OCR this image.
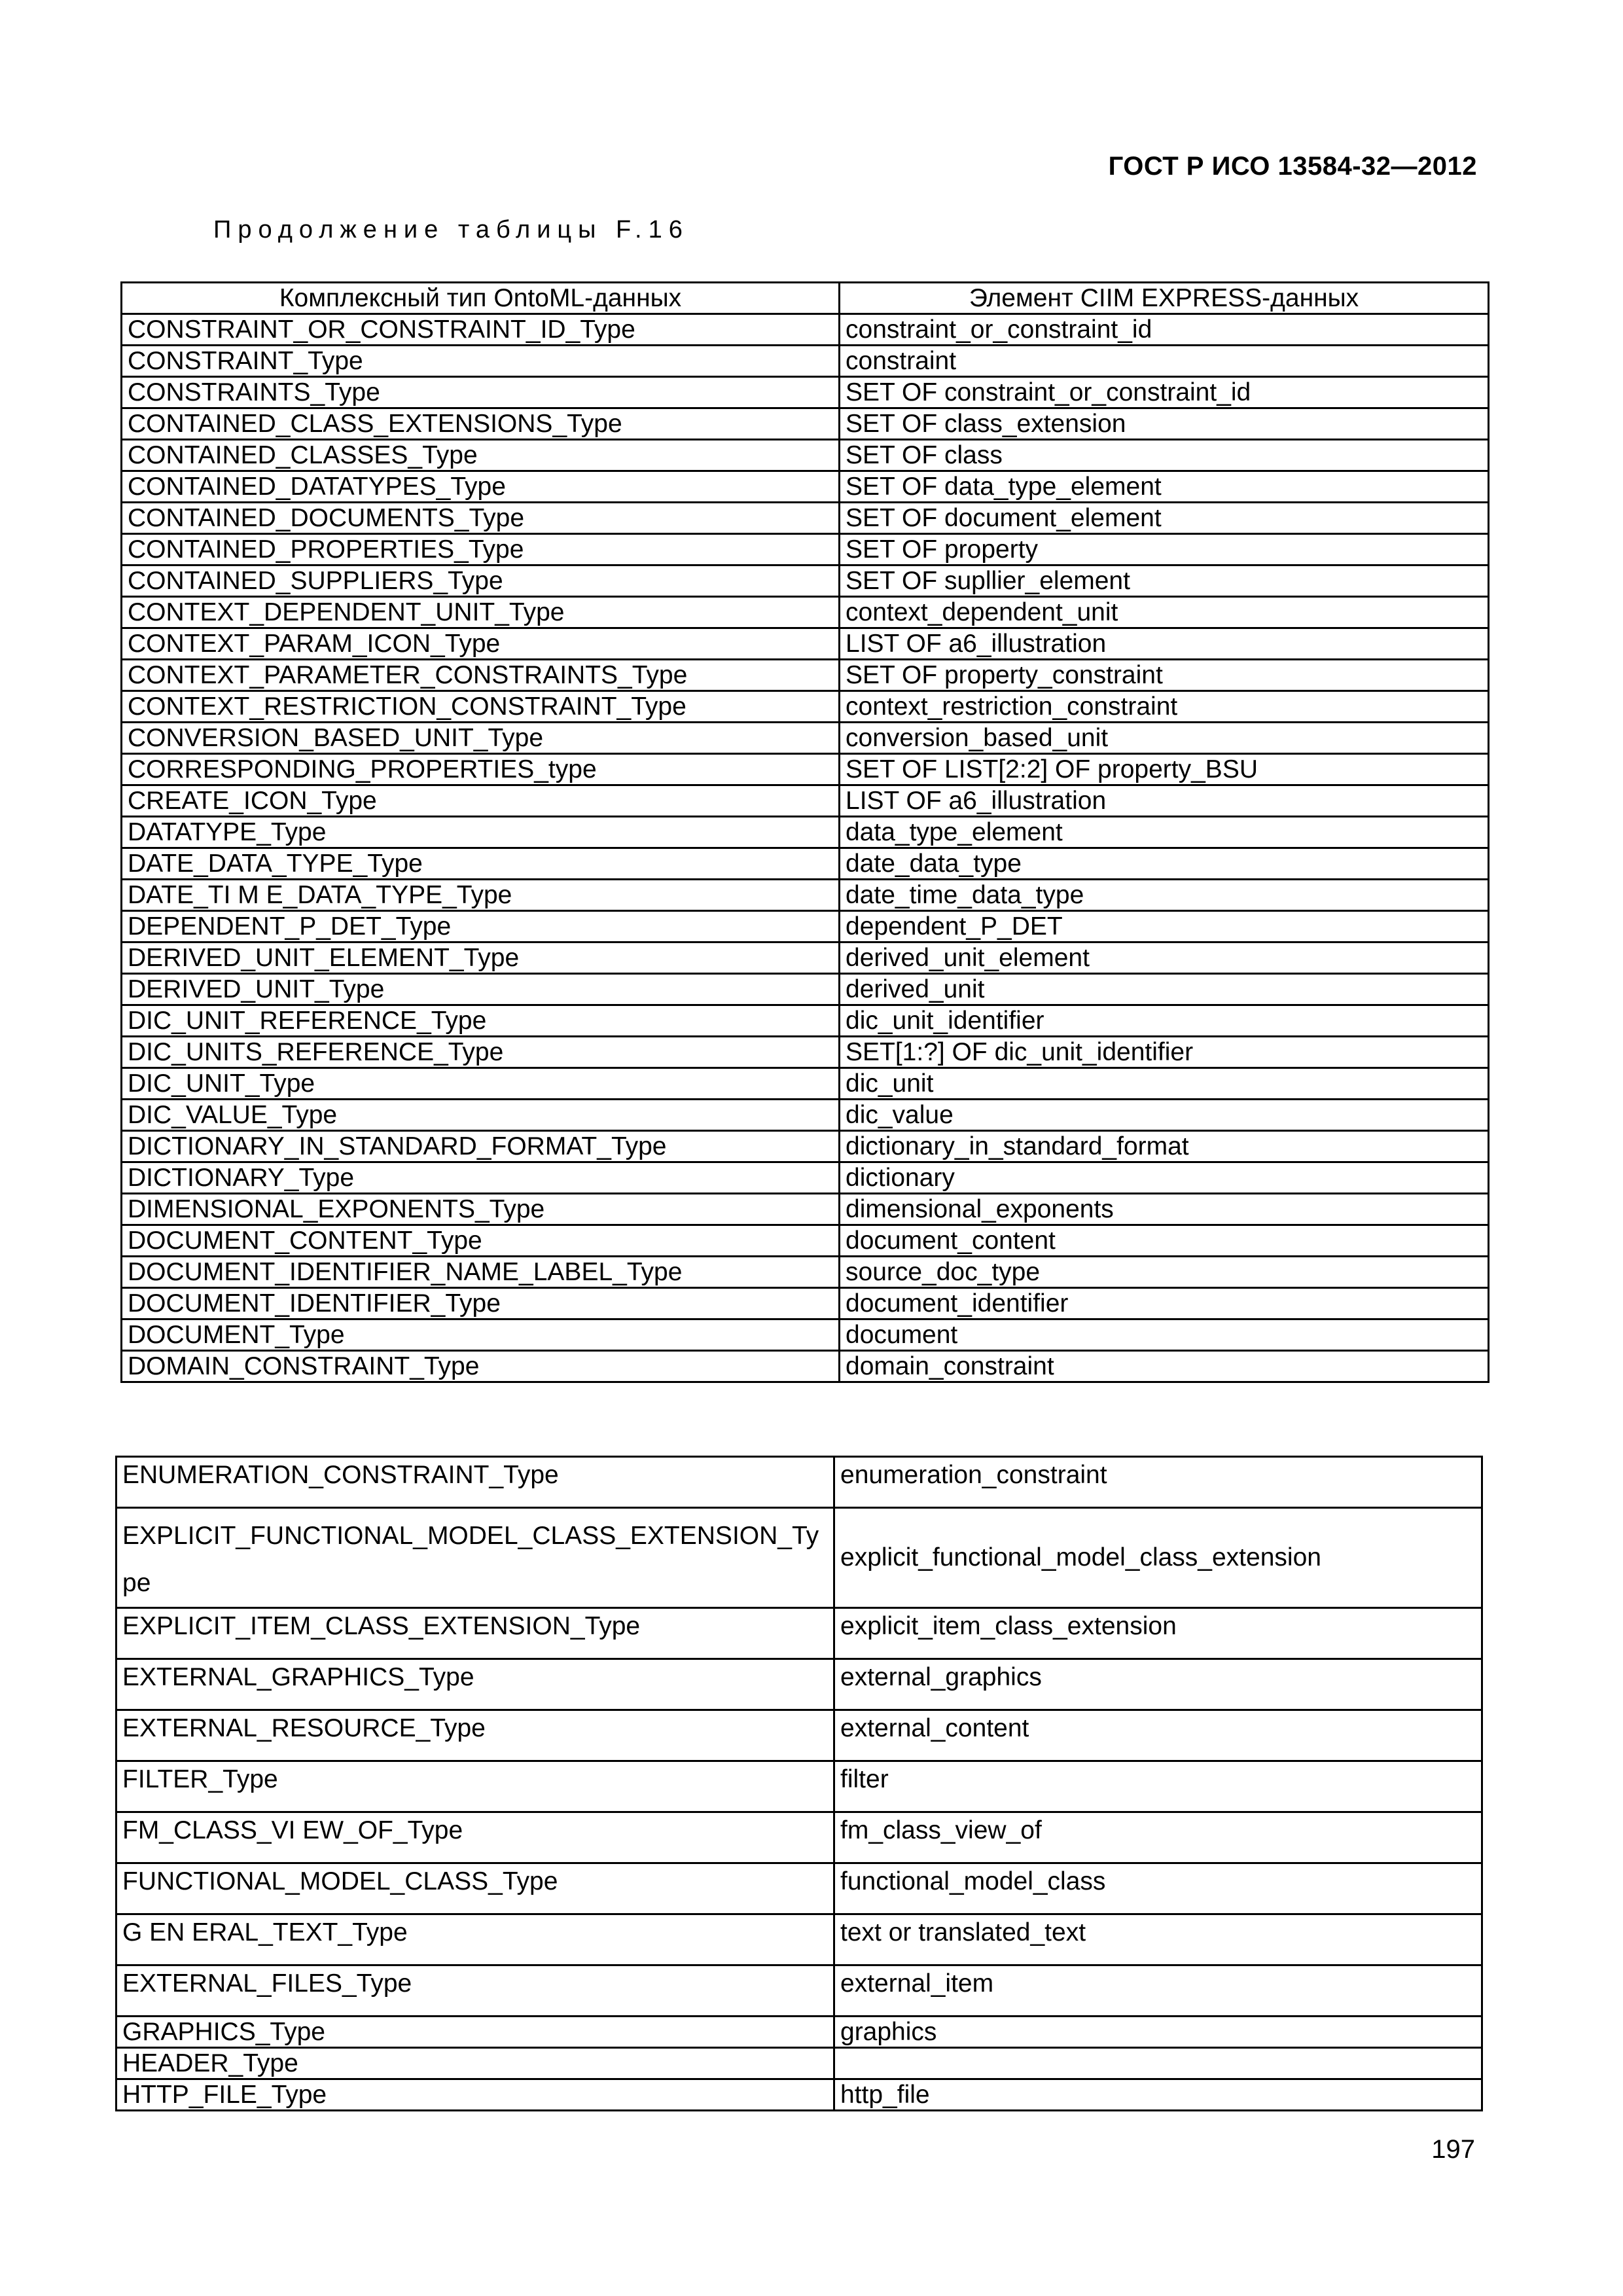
ГОСТ Р ИСО 13584-32—2012
Продолжение таблицы F.16
Комплексный тип OntoML-данных	Элемент CIIM EXPRESS-данных
CONSTRAINT_OR_CONSTRAINT_ID_Type	constraint_or_constraint_id
CONSTRAINT_Type	constraint
CONSTRAINTS_Type	SET OF constraint_or_constraint_id
CONTAINED_CLASS_EXTENSIONS_Type	SET OF class_extension
CONTAINED_CLASSES_Type	SET OF class
CONTAINED_DATATYPES_Type	SET OF data_type_element
CONTAINED_DOCUMENTS_Type	SET OF document_element
CONTAINED_PROPERTIES_Type	SET OF property
CONTAINED_SUPPLIERS_Type	SET OF supllier_element
CONTEXT_DEPENDENT_UNIT_Type	context_dependent_unit
CONTEXT_PARAM_ICON_Type	LIST OF a6_illustration
CONTEXT_PARAMETER_CONSTRAINTS_Type	SET OF property_constraint
CONTEXT_RESTRICTION_CONSTRAINT_Type	context_restriction_constraint
CONVERSION_BASED_UNIT_Type	conversion_based_unit
CORRESPONDING_PROPERTIES_type	SET OF LIST[2:2] OF property_BSU
CREATE_ICON_Type	LIST OF a6_illustration
DATATYPE_Type	data_type_element
DATE_DATA_TYPE_Type	date_data_type
DATE_TI M E_DATA_TYPE_Type	date_time_data_type
DEPENDENT_P_DET_Type	dependent_P_DET
DERIVED_UNIT_ELEMENT_Type	derived_unit_element
DERIVED_UNIT_Type	derived_unit
DIC_UNIT_REFERENCE_Type	dic_unit_identifier
DIC_UNITS_REFERENCE_Type	SET[1:?] OF dic_unit_identifier
DIC_UNIT_Type	dic_unit
DIC_VALUE_Type	dic_value
DICTIONARY_IN_STANDARD_FORMAT_Type	dictionary_in_standard_format
DICTIONARY_Type	dictionary
DIMENSIONAL_EXPONENTS_Type	dimensional_exponents
DOCUMENT_CONTENT_Type	document_content
DOCUMENT_IDENTIFIER_NAME_LABEL_Type	source_doc_type
DOCUMENT_IDENTIFIER_Type	document_identifier
DOCUMENT_Type	document
DOMAIN_CONSTRAINT_Type	domain_constraint
ENUMERATION_CONSTRAINT_Type	enumeration_constraint
EXPLICIT_FUNCTIONAL_MODEL_CLASS_EXTENSION_Type	explicit_functional_model_class_extension
EXPLICIT_ITEM_CLASS_EXTENSION_Type	explicit_item_class_extension
EXTERNAL_GRAPHICS_Type	external_graphics
EXTERNAL_RESOURCE_Type	external_content
FILTER_Type	filter
FM_CLASS_VI EW_OF_Type	fm_class_view_of
FUNCTIONAL_MODEL_CLASS_Type	functional_model_class
G EN ERAL_TEXT_Type	text or translated_text
EXTERNAL_FILES_Type	external_item
GRAPHICS_Type	graphics
HEADER_Type	
HTTP_FILE_Type	http_file
197
